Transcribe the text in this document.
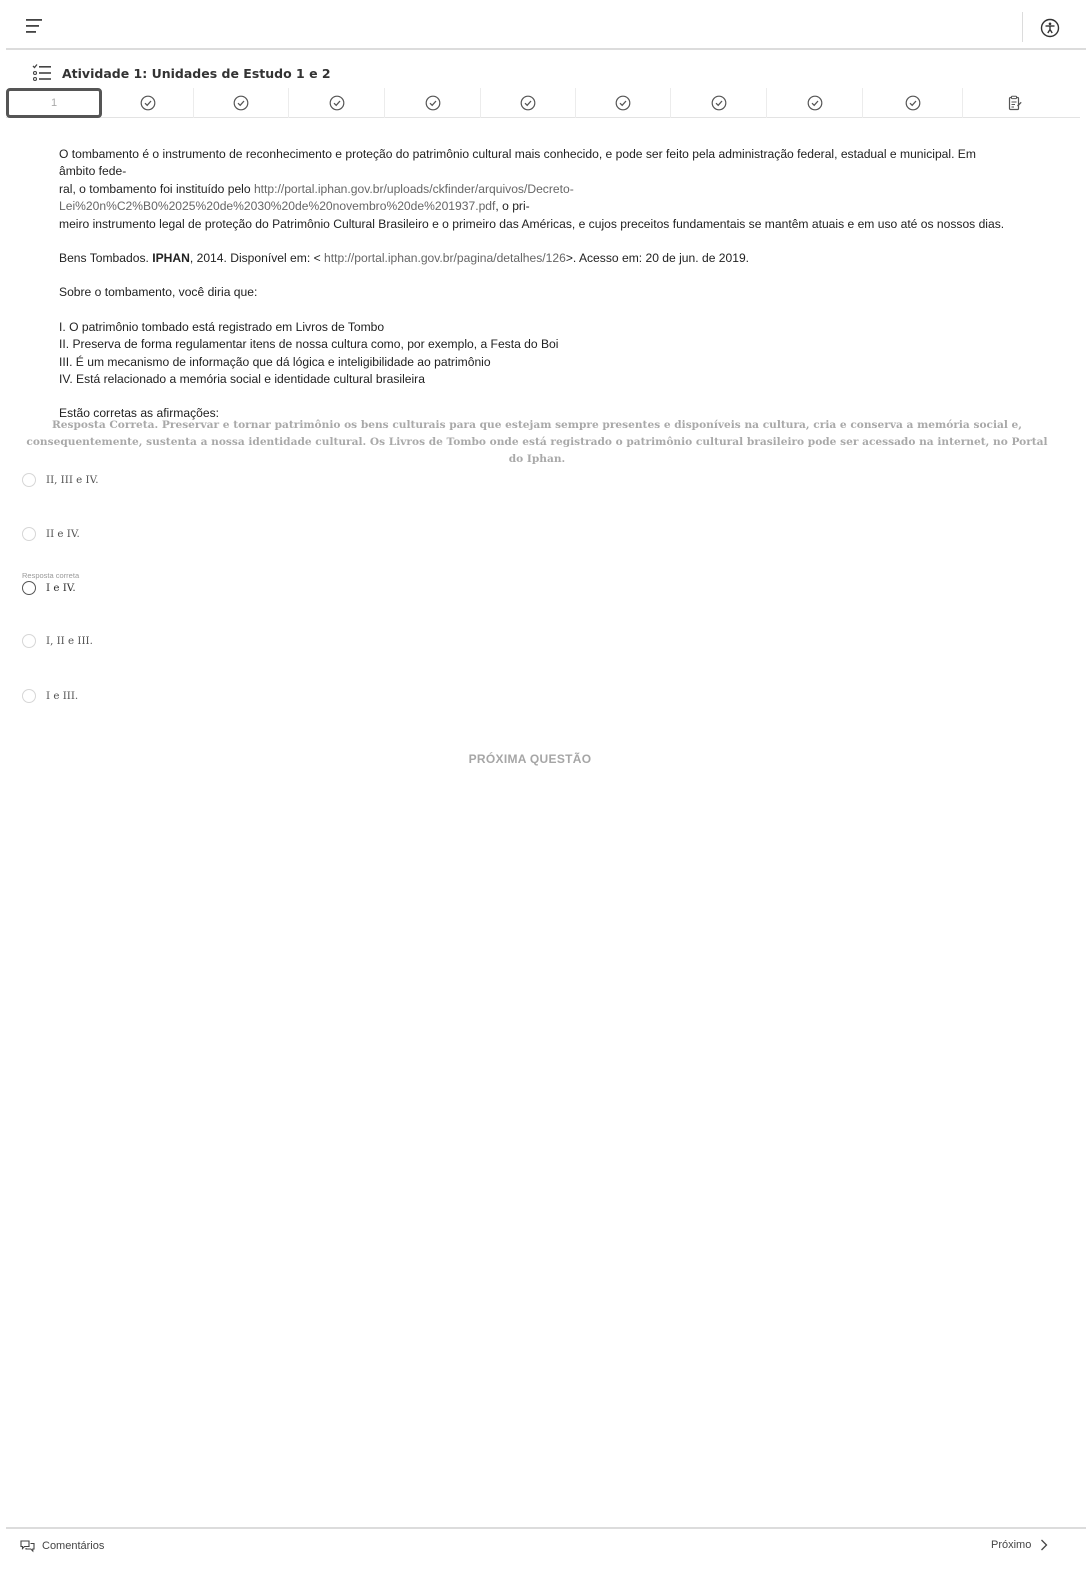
Atividade 1: Unidades de Estudo 1 e 2
1

O tombamento é o instrumento de reconhecimento e proteção do patrimônio cultural mais conhecido, e pode ser feito pela administração federal, estadual e municipal. Em âmbito fede-

ral, o tombamento foi instituído pelo http://portal.iphan.gov.br/uploads/ckfinder/arquivos/Decreto-Lei%20n%C2%B0%2025%20de%2030%20de%20novembro%20de%201937.pdf, o pri-

meiro instrumento legal de proteção do Patrimônio Cultural Brasileiro e o primeiro das Américas, e cujos preceitos fundamentais se mantêm atuais e em uso até os nossos dias.

Bens Tombados. IPHAN, 2014. Disponível em: < http://portal.iphan.gov.br/pagina/detalhes/126>. Acesso em: 20 de jun. de 2019.

Sobre o tombamento, você diria que:

I. O patrimônio tombado está registrado em Livros de Tombo

II. Preserva de forma regulamentar itens de nossa cultura como, por exemplo, a Festa do Boi

III. É um mecanismo de informação que dá lógica e inteligibilidade ao patrimônio

IV. Está relacionado a memória social e identidade cultural brasileira

Estão corretas as afirmações:

Resposta Correta. Preservar e tornar patrimônio os bens culturais para que estejam sempre presentes e disponíveis na cultura, cria e conserva a memória social e,
consequentemente, sustenta a nossa identidade cultural. Os Livros de Tombo onde está registrado o patrimônio cultural brasileiro pode ser acessado na internet, no Portal do Iphan.
II, III e IV.
II e IV.
Resposta correta
I e IV.
I, II e III.
I e III.
PRÓXIMA QUESTÃO
Comentários	Próximo
